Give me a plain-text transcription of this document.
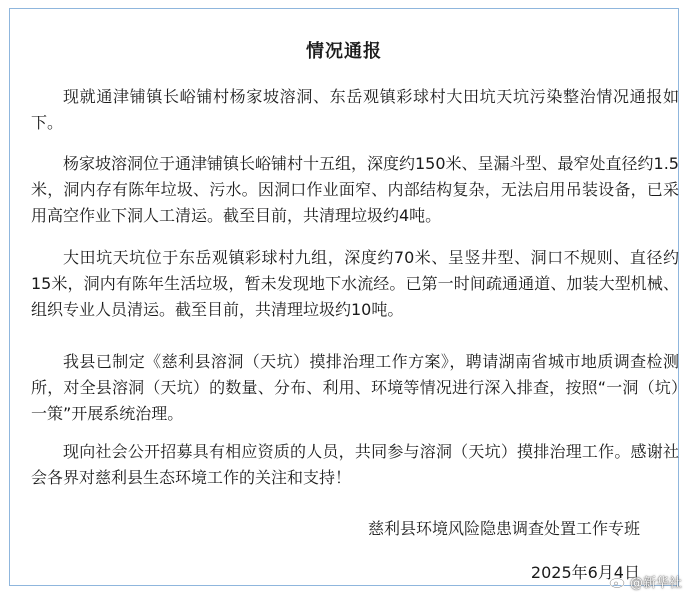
情况通报

现就通津铺镇长峪铺村杨家坡溶洞、东岳观镇彩球村大田坑天坑污染整治情况通报如下。

杨家坡溶洞位于通津铺镇长峪铺村十五组，深度约150米、呈漏斗型、最窄处直径约1.5米，洞内存有陈年垃圾、污水。因洞口作业面窄、内部结构复杂，无法启用吊装设备，已采用高空作业下洞人工清运。截至目前，共清理垃圾约4吨。

大田坑天坑位于东岳观镇彩球村九组，深度约70米、呈竖井型、洞口不规则、直径约15米，洞内有陈年生活垃圾，暂未发现地下水流经。已第一时间疏通通道、加装大型机械、组织专业人员清运。截至目前，共清理垃圾约10吨。

我县已制定《慈利县溶洞（天坑）摸排治理工作方案》，聘请湖南省城市地质调查检测所，对全县溶洞（天坑）的数量、分布、利用、环境等情况进行深入排查，按照“一洞（坑）一策”开展系统治理。

现向社会公开招募具有相应资质的人员，共同参与溶洞（天坑）摸排治理工作。感谢社会各界对慈利县生态环境工作的关注和支持！

慈利县环境风险隐患调查处置工作专班
2025年6月4日
@新华社
